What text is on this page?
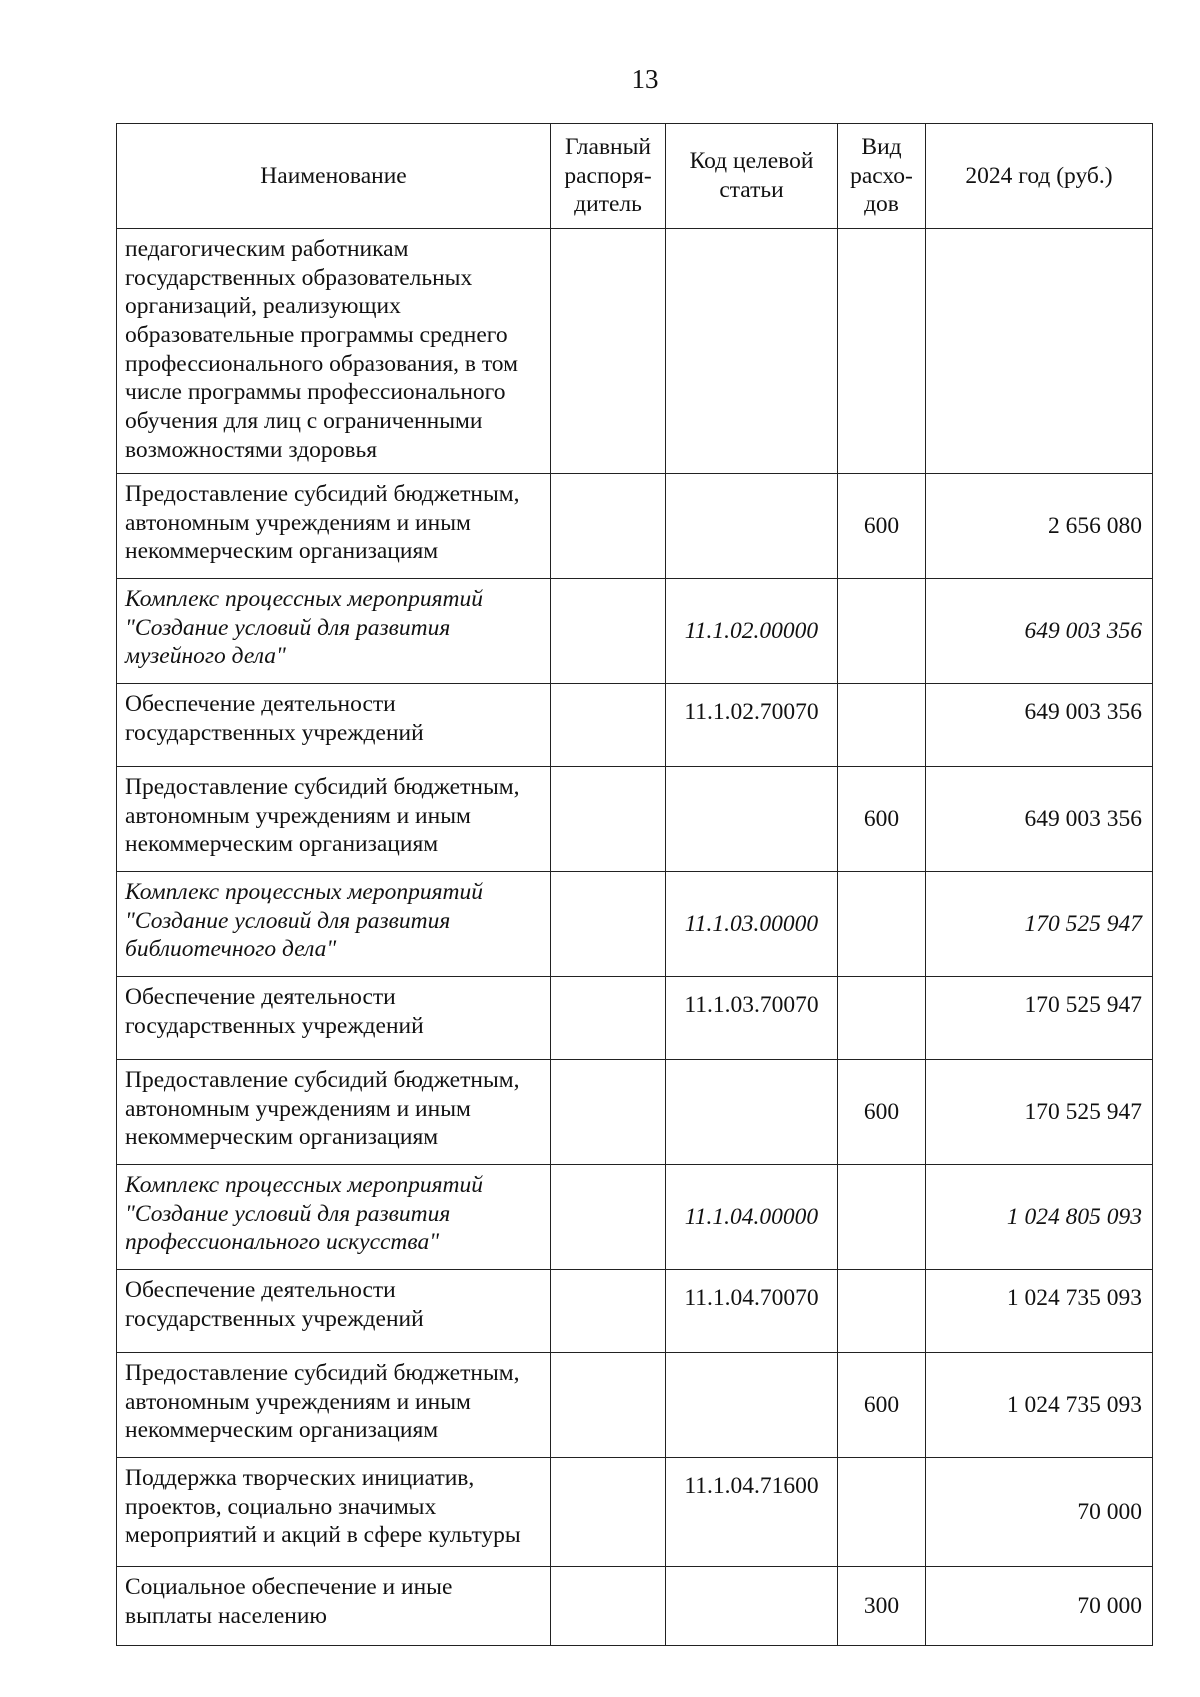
13
Наименование	Главный распоря-дитель	Код целевой статьи	Вид расхо-дов	2024 год (руб.)
педагогическим работникам государственных образовательных организаций, реализующих образовательные программы среднего профессионального образования, в том числе программы профессионального обучения для лиц с ограниченными возможностями здоровья				
Предоставление субсидий бюджетным, автономным учреждениям и иным некоммерческим организациям			600	2 656 080
Комплекс процессных мероприятий "Создание условий для развития музейного дела"		11.1.02.00000		649 003 356
Обеспечение деятельности государственных учреждений		11.1.02.70070		649 003 356
Предоставление субсидий бюджетным, автономным учреждениям и иным некоммерческим организациям			600	649 003 356
Комплекс процессных мероприятий "Создание условий для развития библиотечного дела"		11.1.03.00000		170 525 947
Обеспечение деятельности государственных учреждений		11.1.03.70070		170 525 947
Предоставление субсидий бюджетным, автономным учреждениям и иным некоммерческим организациям			600	170 525 947
Комплекс процессных мероприятий "Создание условий для развития профессионального искусства"		11.1.04.00000		1 024 805 093
Обеспечение деятельности государственных учреждений		11.1.04.70070		1 024 735 093
Предоставление субсидий бюджетным, автономным учреждениям и иным некоммерческим организациям			600	1 024 735 093
Поддержка творческих инициатив, проектов, социально значимых мероприятий и акций в сфере культуры		11.1.04.71600		70 000
Социальное обеспечение и иные выплаты населению			300	70 000
